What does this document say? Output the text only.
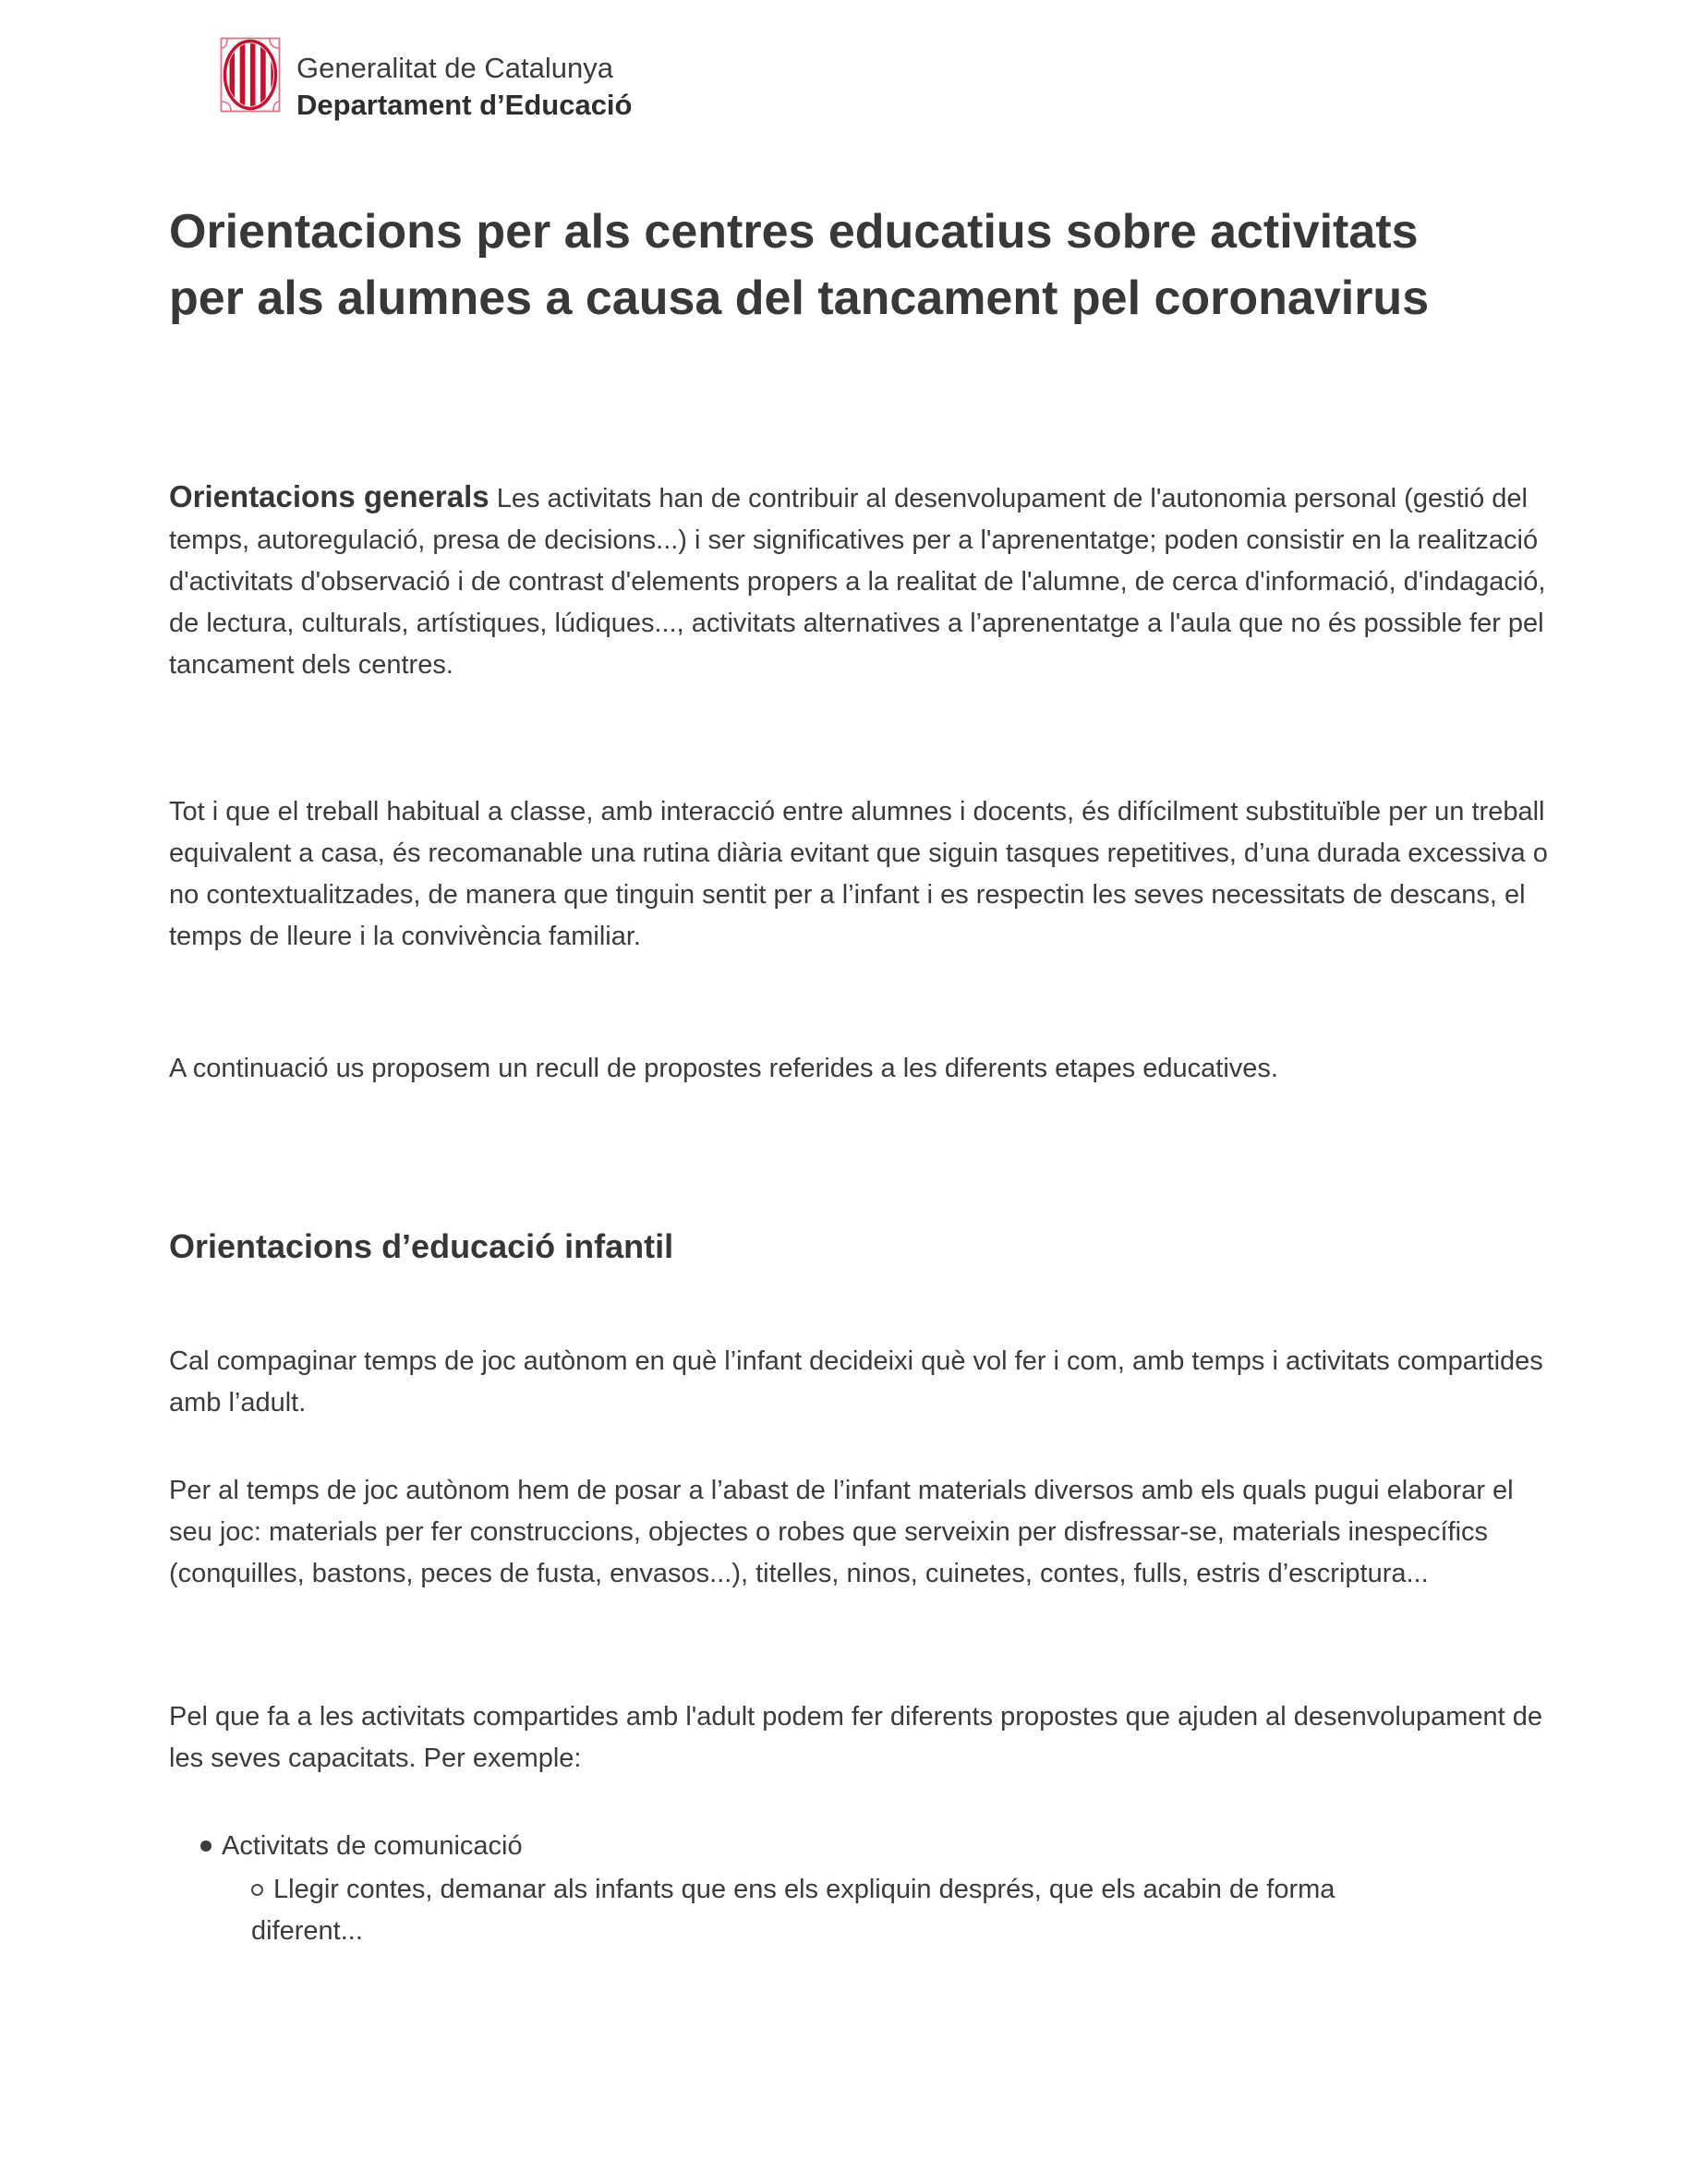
Generalitat de Catalunya
Departament d’Educació
Orientacions per als centres educatius sobre activitats per als alumnes a causa del tancament pel coronavirus

Orientacions generals Les activitats han de contribuir al desenvolupament de l'autonomia personal (gestió del temps, autoregulació, presa de decisions...) i ser significatives per a l'aprenentatge; poden consistir en la realització d'activitats d'observació i de contrast d'elements propers a la realitat de l'alumne, de cerca d'informació, d'indagació, de lectura, culturals, artístiques, lúdiques..., activitats alternatives a l’aprenentatge a l'aula que no és possible fer pel tancament dels centres.

Tot i que el treball habitual a classe, amb interacció entre alumnes i docents, és difícilment substituïble per un treball equivalent a casa, és recomanable una rutina diària evitant que siguin tasques repetitives, d’una durada excessiva o no contextualitzades, de manera que tinguin sentit per a l’infant i es respectin les seves necessitats de descans, el temps de lleure i la convivència familiar.

A continuació us proposem un recull de propostes referides a les diferents etapes educatives.

Orientacions d’educació infantil

Cal compaginar temps de joc autònom en què l’infant decideixi què vol fer i com, amb temps i activitats compartides amb l’adult.

Per al temps de joc autònom hem de posar a l’abast de l’infant materials diversos amb els quals pugui elaborar el seu joc: materials per fer construccions, objectes o robes que serveixin per disfressar-se, materials inespecífics (conquilles, bastons, peces de fusta, envasos...), titelles, ninos, cuinetes, contes, fulls, estris d’escriptura...

Pel que fa a les activitats compartides amb l'adult podem fer diferents propostes que ajuden al desenvolupament de les seves capacitats. Per exemple:

Activitats de comunicació
Llegir contes, demanar als infants que ens els expliquin després, que els acabin de forma diferent...
